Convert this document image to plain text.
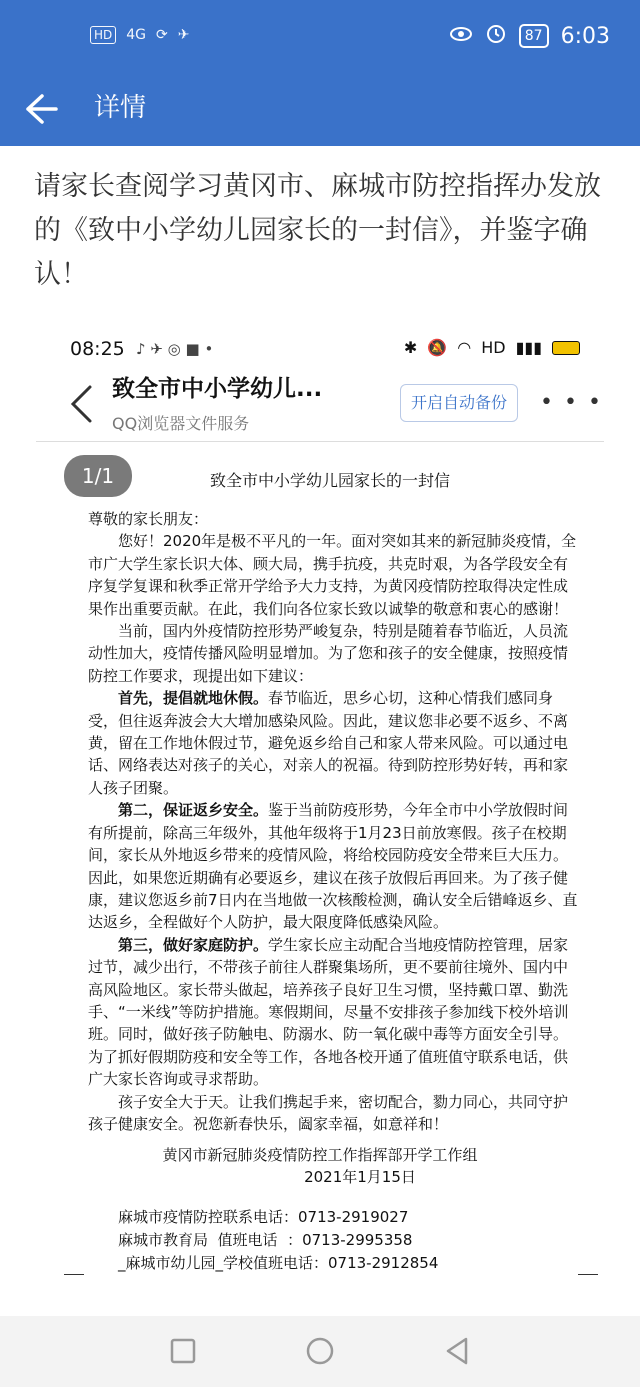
HD 4G ⟳ ✈	87 6:03
详情
请家长查阅学习黄冈市、麻城市防控指挥办发放的《致中小学幼儿园家长的一封信》，并鉴字确认！
08:25 ♪ ✈ ◎ ■ •	✱ 🔕 ◠ HD ▮▮▮
致全市中小学幼儿...
QQ浏览器文件服务
开启自动备份	• • •
1/1	致全市中小学幼儿园家长的一封信

尊敬的家长朋友：

您好！2020年是极不平凡的一年。面对突如其来的新冠肺炎疫情，全市广大学生家长识大体、顾大局，携手抗疫，共克时艰，为各学段安全有序复学复课和秋季正常开学给予大力支持，为黄冈疫情防控取得决定性成果作出重要贡献。在此，我们向各位家长致以诚挚的敬意和衷心的感谢！

当前，国内外疫情防控形势严峻复杂，特别是随着春节临近，人员流动性加大，疫情传播风险明显增加。为了您和孩子的安全健康，按照疫情防控工作要求，现提出如下建议：

首先，提倡就地休假。春节临近，思乡心切，这种心情我们感同身受，但往返奔波会大大增加感染风险。因此，建议您非必要不返乡、不离黄，留在工作地休假过节，避免返乡给自己和家人带来风险。可以通过电话、网络表达对孩子的关心，对亲人的祝福。待到防控形势好转，再和家人孩子团聚。

第二，保证返乡安全。鉴于当前防疫形势，今年全市中小学放假时间有所提前，除高三年级外，其他年级将于1月23日前放寒假。孩子在校期间，家长从外地返乡带来的疫情风险，将给校园防疫安全带来巨大压力。因此，如果您近期确有必要返乡，建议在孩子放假后再回来。为了孩子健康，建议您返乡前7日内在当地做一次核酸检测，确认安全后错峰返乡、直达返乡，全程做好个人防护，最大限度降低感染风险。

第三，做好家庭防护。学生家长应主动配合当地疫情防控管理，居家过节，减少出行，不带孩子前往人群聚集场所，更不要前往境外、国内中高风险地区。家长带头做起，培养孩子良好卫生习惯，坚持戴口罩、勤洗手、“一米线”等防护措施。寒假期间，尽量不安排孩子参加线下校外培训班。同时，做好孩子防触电、防溺水、防一氧化碳中毒等方面安全引导。为了抓好假期防疫和安全等工作，各地各校开通了值班值守联系电话，供广大家长咨询或寻求帮助。

孩子安全大于天。让我们携起手来，密切配合，勠力同心，共同守护孩子健康安全。祝您新春快乐，阖家幸福，如意祥和！

黄冈市新冠肺炎疫情防控工作指挥部开学工作组
2021年1月15日
麻城市疫情防控联系电话：0713-2919027
麻城市教育局  值班电话  ：0713-2995358
_麻城市幼儿园_学校值班电话：0713-2912854
